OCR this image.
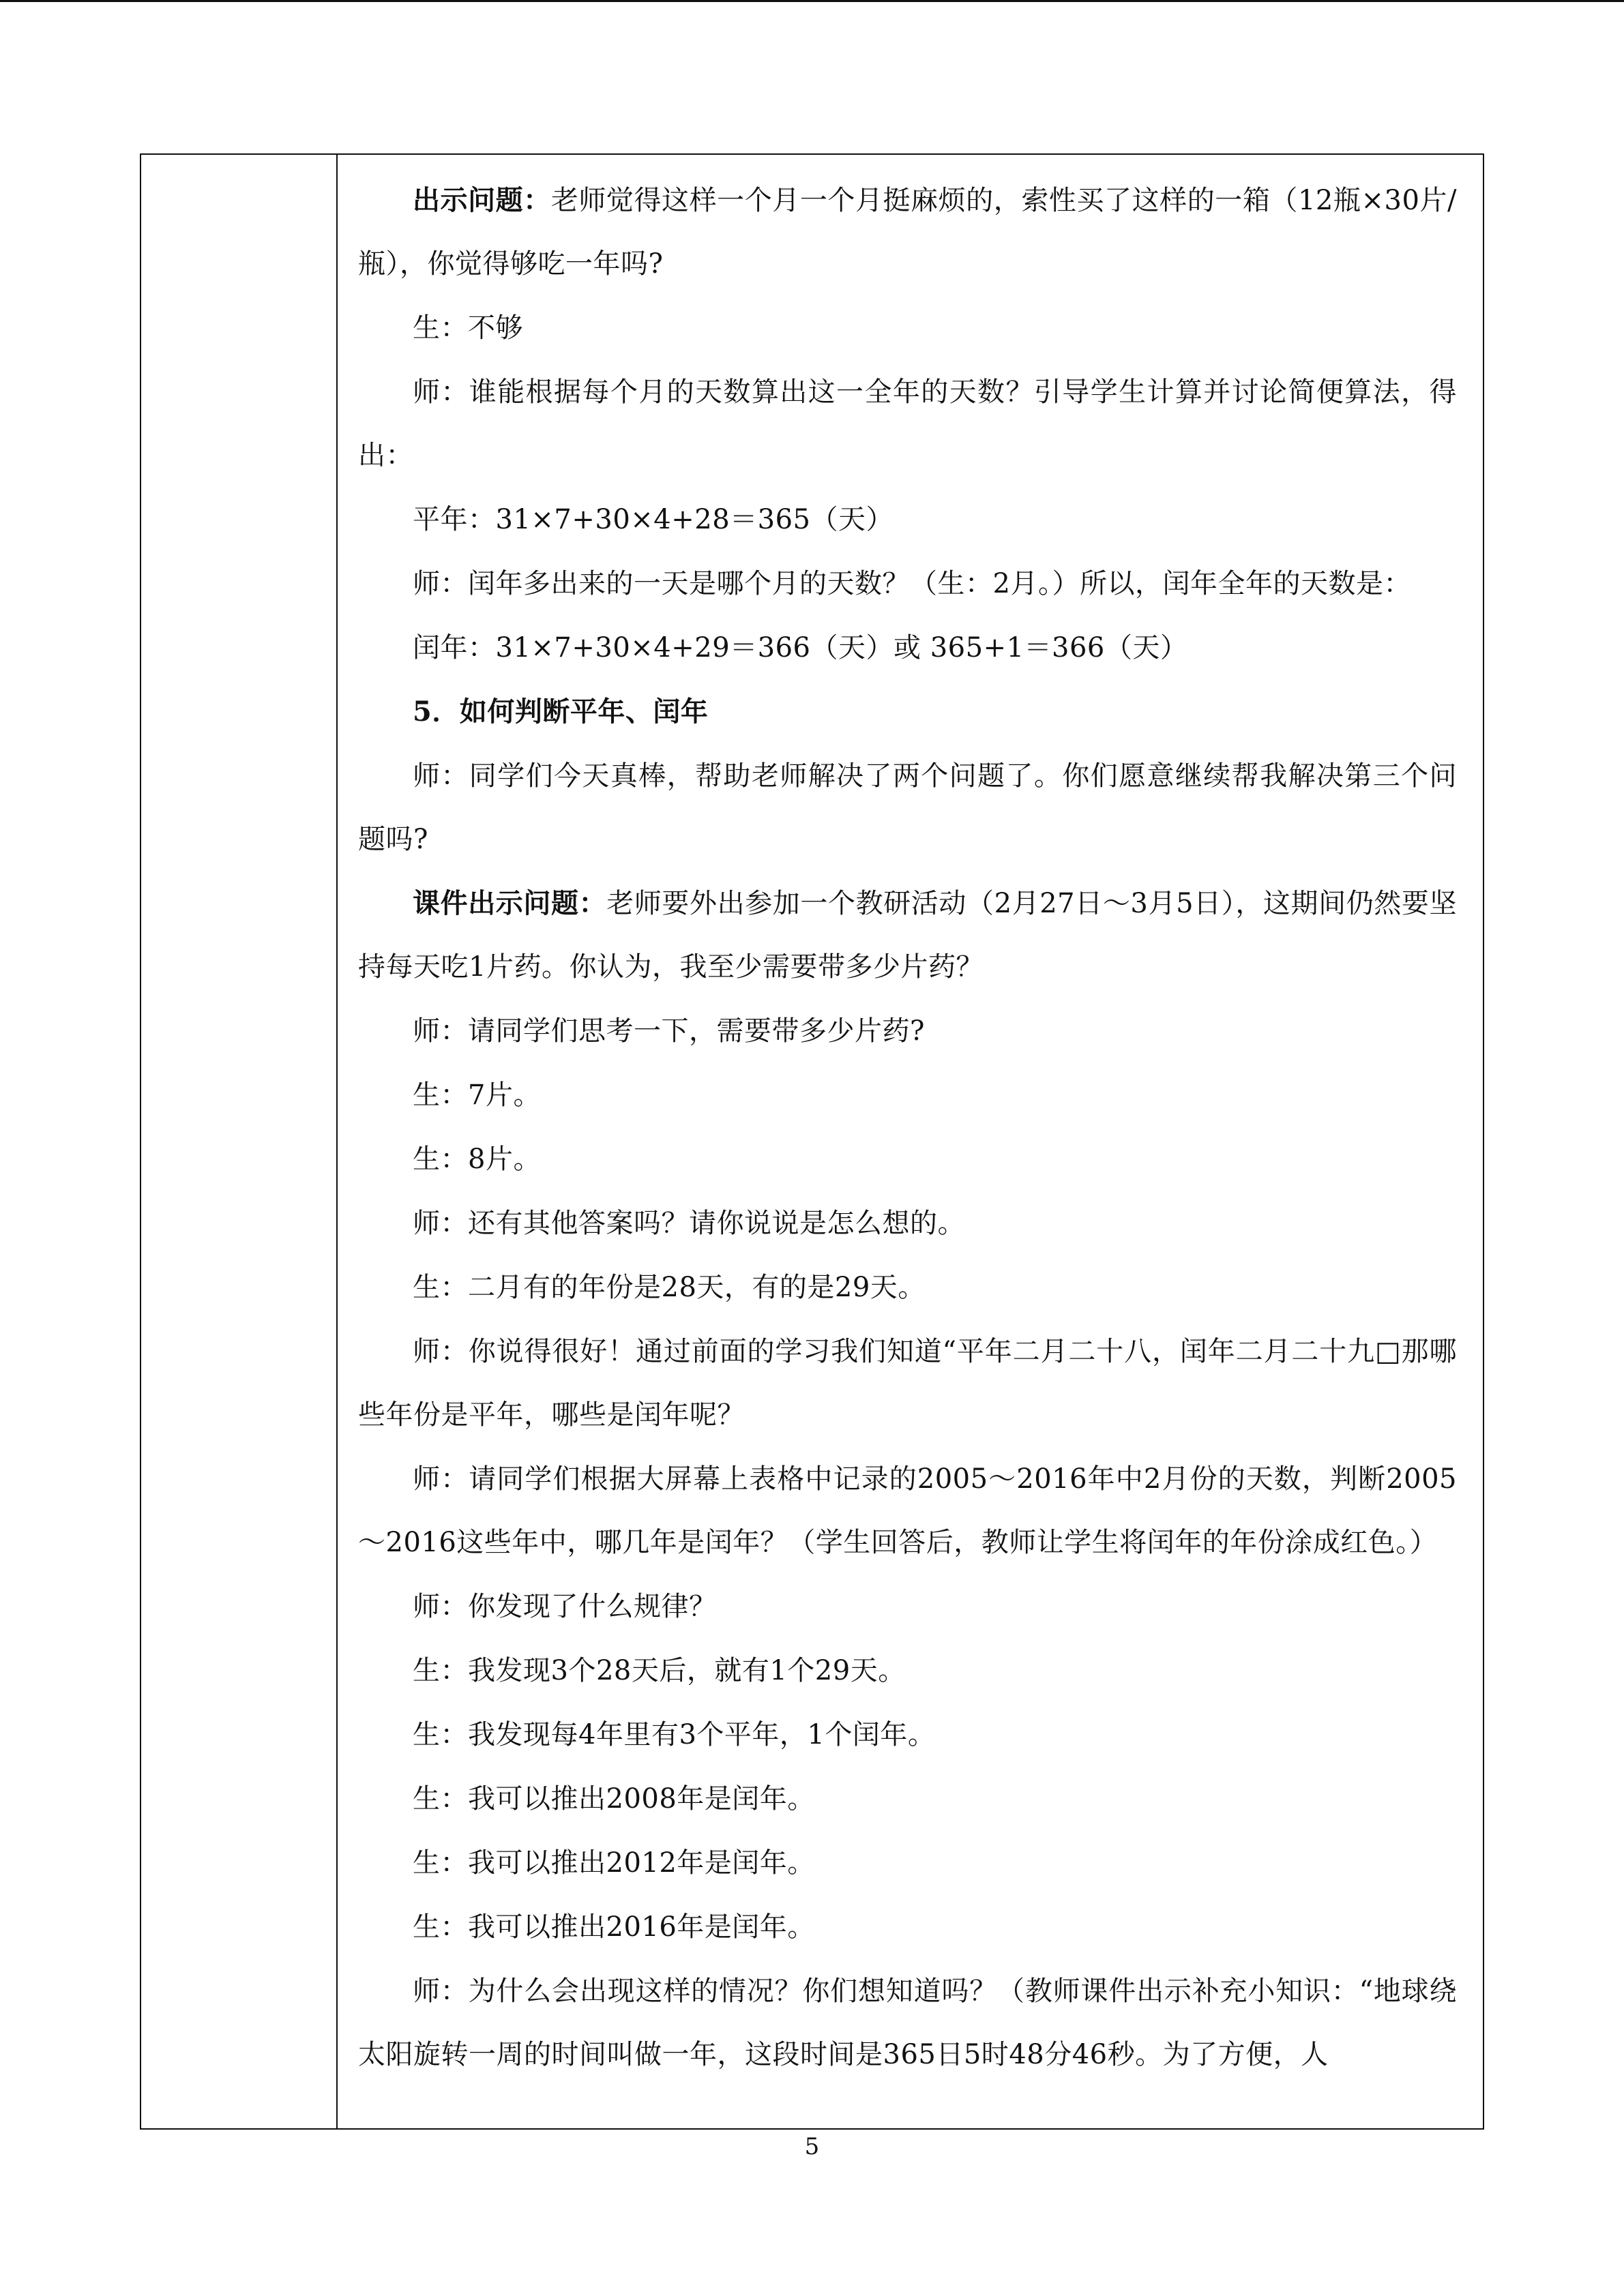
出示问题：老师觉得这样一个月一个月挺麻烦的，索性买了这样的一箱（12瓶×30片/瓶），你觉得够吃一年吗?

生：不够

师：谁能根据每个月的天数算出这一全年的天数？引导学生计算并讨论简便算法，得出：

平年：31×7+30×4+28＝365（天）

师：闰年多出来的一天是哪个月的天数？（生：2月。）所以，闰年全年的天数是：

闰年：31×7+30×4+29＝366（天）或 365+1＝366（天）

5．如何判断平年、闰年

师：同学们今天真棒，帮助老师解决了两个问题了。你们愿意继续帮我解决第三个问题吗?

课件出示问题：老师要外出参加一个教研活动（2月27日～3月5日），这期间仍然要坚持每天吃1片药。你认为，我至少需要带多少片药？

师：请同学们思考一下，需要带多少片药?

生：7片。

生：8片。

师：还有其他答案吗？请你说说是怎么想的。

生：二月有的年份是28天，有的是29天。

师：你说得很好！通过前面的学习我们知道“平年二月二十八，闰年二月二十九□那哪些年份是平年，哪些是闰年呢？

师：请同学们根据大屏幕上表格中记录的2005～2016年中2月份的天数，判断2005～2016这些年中，哪几年是闰年？（学生回答后，教师让学生将闰年的年份涂成红色。）

师：你发现了什么规律？

生：我发现3个28天后，就有1个29天。

生：我发现每4年里有3个平年，1个闰年。

生：我可以推出2008年是闰年。

生：我可以推出2012年是闰年。

生：我可以推出2016年是闰年。

师：为什么会出现这样的情况？你们想知道吗？（教师课件出示补充小知识：“地球绕太阳旋转一周的时间叫做一年，这段时间是365日5时48分46秒。为了方便，人

5
